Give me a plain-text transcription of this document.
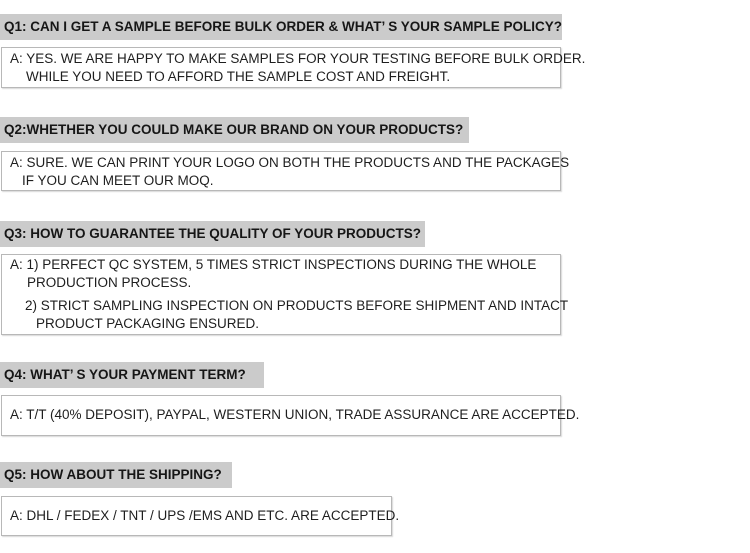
Q1: CAN I GET A SAMPLE BEFORE BULK ORDER & WHAT’ S YOUR SAMPLE POLICY?
A: YES. WE ARE HAPPY TO MAKE SAMPLES FOR YOUR TESTING BEFORE BULK ORDER.
WHILE YOU NEED TO AFFORD THE SAMPLE COST AND FREIGHT.
Q2:WHETHER YOU COULD MAKE OUR BRAND ON YOUR PRODUCTS?
A: SURE. WE CAN PRINT YOUR LOGO ON BOTH THE PRODUCTS AND THE PACKAGES
IF YOU CAN MEET OUR MOQ.
Q3: HOW TO GUARANTEE THE QUALITY OF YOUR PRODUCTS?
A: 1) PERFECT QC SYSTEM, 5 TIMES STRICT INSPECTIONS DURING THE WHOLE
PRODUCTION PROCESS.
2) STRICT SAMPLING INSPECTION ON PRODUCTS BEFORE SHIPMENT AND INTACT
PRODUCT PACKAGING ENSURED.
Q4: WHAT’ S YOUR PAYMENT TERM?
A: T/T (40% DEPOSIT), PAYPAL, WESTERN UNION, TRADE ASSURANCE ARE ACCEPTED.
Q5: HOW ABOUT THE SHIPPING?
A: DHL / FEDEX / TNT / UPS /EMS AND ETC. ARE ACCEPTED.
